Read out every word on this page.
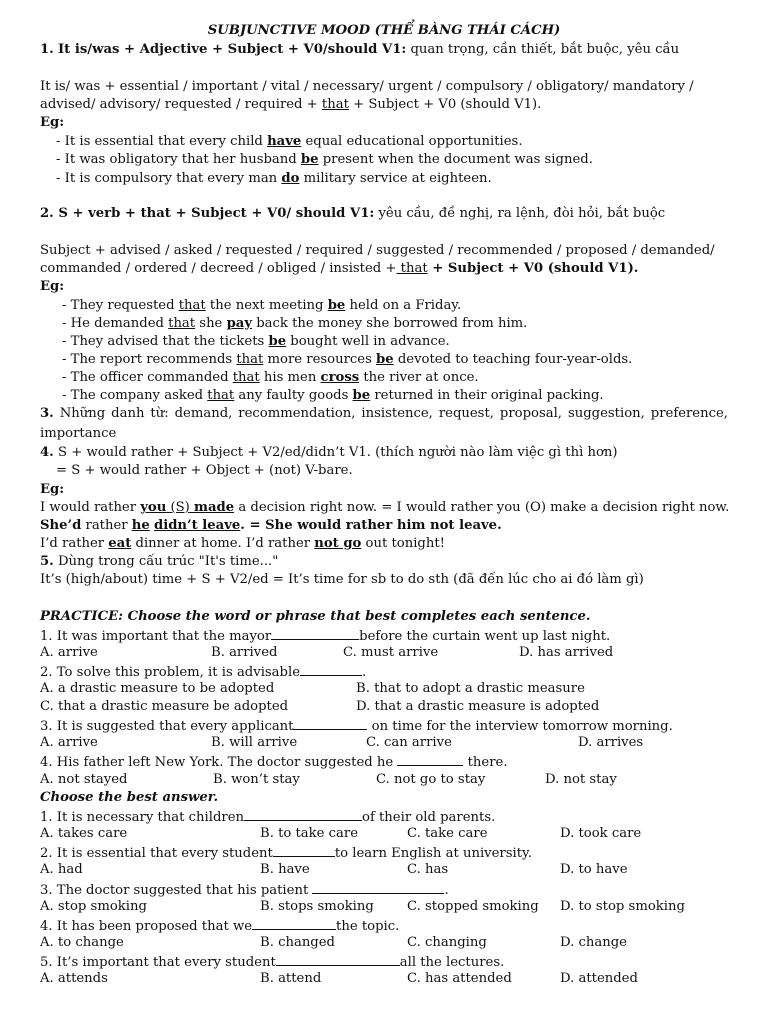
SUBJUNCTIVE MOOD (THỂ BÀNG THÁI CÁCH)
1. It is/was + Adjective + Subject + V0/should V1: quan trọng, cần thiết, bắt buộc, yêu cầu
It is/ was + essential / important / vital / necessary/ urgent / compulsory / obligatory/ mandatory /
advised/ advisory/ requested / required + that + Subject + V0 (should V1).
Eg:
- It is essential that every child have equal educational opportunities.
- It was obligatory that her husband be present when the document was signed.
- It is compulsory that every man do military service at eighteen.
2. S + verb + that + Subject + V0/ should V1: yêu cầu, đề nghị, ra lệnh, đòi hỏi, bắt buộc
Subject + advised / asked / requested / required / suggested / recommended / proposed / demanded/
commanded / ordered / decreed / obliged / insisted + that + Subject + V0 (should V1).
Eg:
- They requested that the next meeting be held on a Friday.
- He demanded that she pay back the money she borrowed from him.
- They advised that the tickets be bought well in advance.
- The report recommends that more resources be devoted to teaching four-year-olds.
- The officer commanded that his men cross the river at once.
- The company asked that any faulty goods be returned in their original packing.
3. Những danh từ: demand, recommendation, insistence, request, proposal, suggestion, preference,
importance
4. S + would rather + Subject + V2/ed/didn’t V1. (thích người nào làm việc gì thì hơn)
= S + would rather + Object + (not) V-bare.
Eg:
I would rather you (S) made a decision right now. = I would rather you (O) make a decision right now.
She’d rather he didn’t leave. = She would rather him not leave.
I’d rather eat dinner at home. I’d rather not go out tonight!
5. Dùng trong cấu trúc "It's time..."
It’s (high/about) time + S + V2/ed = It’s time for sb to do sth (đã đến lúc cho ai đó làm gì)
PRACTICE: Choose the word or phrase that best completes each sentence.
1. It was important that the mayor	before the curtain went up last night.
A. arrive	B. arrived	C. must arrive	D. has arrived
2. To solve this problem, it is advisable	.
A. a drastic measure to be adopted	B. that to adopt a drastic measure
C. that a drastic measure be adopted	D. that a drastic measure is adopted
3. It is suggested that every applicant	on time for the interview tomorrow morning.
A. arrive	B. will arrive	C. can arrive	D. arrives
4. His father left New York. The doctor suggested he	there.
A. not stayed	B. won’t stay	C. not go to stay	D. not stay
Choose the best answer.
1. It is necessary that children	of their old parents.
A. takes care	B. to take care	C. take care	D. took care
2. It is essential that every student	to learn English at university.
A. had	B. have	C. has	D. to have
3. The doctor suggested that his patient	.
A. stop smoking	B. stops smoking	C. stopped smoking D. to stop smoking
4. It has been proposed that we	the topic.
A. to change	B. changed	C. changing	D. change
5. It’s important that every student	all the lectures.
A. attends	B. attend	C. has attended	D. attended
